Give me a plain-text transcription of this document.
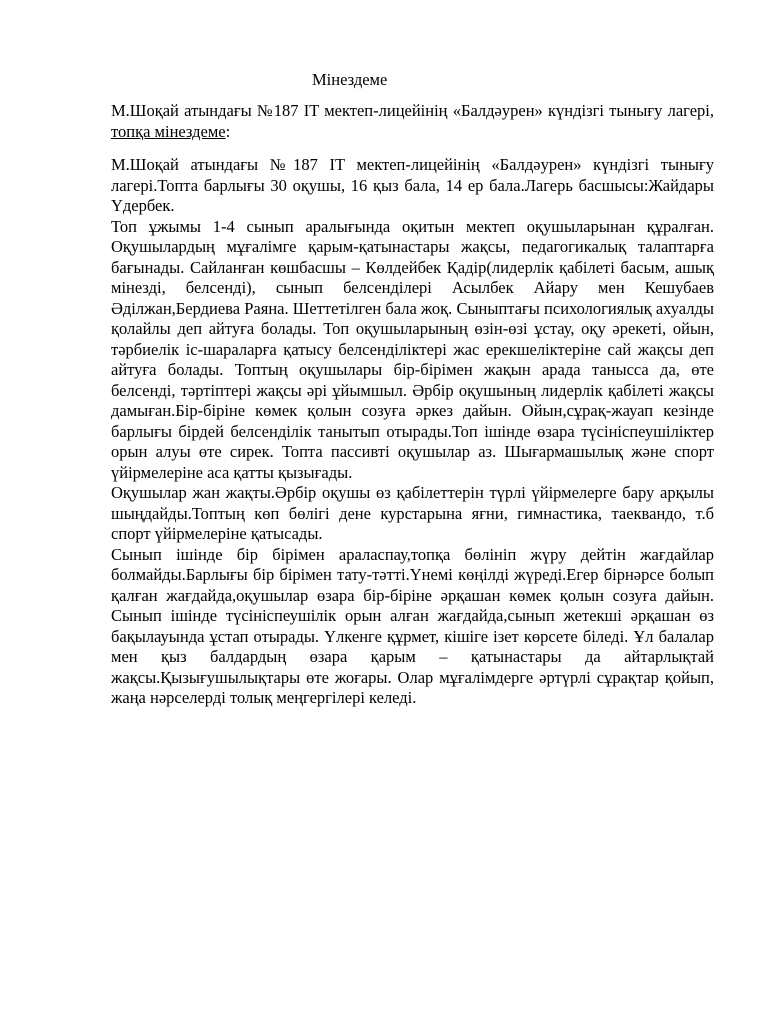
Мінездеме

М.Шоқай атындағы №187 IT мектеп-лицейінің «Балдәурен» күндізгі тынығу лагері, топқа мінездеме:

М.Шоқай атындағы №187 IT мектеп-лицейінің «Балдәурен» күндізгі тынығу лагері.Топта барлығы 30 оқушы, 16 қыз бала, 14 ер бала.Лагерь басшысы:Жайдары Үдербек.

Топ ұжымы 1-4 сынып аралығында оқитын мектеп оқушыларынан құралған. Оқушылардың мұғалімге қарым-қатынастары жақсы, педагогикалық талаптарға бағынады. Сайланған көшбасшы – Көлдейбек Қадір(лидерлік қабілеті басым, ашық мінезді, белсенді), сынып белсенділері Асылбек Айару мен Кешубаев Әділжан,Бердиева Раяна. Шеттетілген бала жоқ. Сыныптағы психологиялық ахуалды қолайлы деп айтуға болады. Топ оқушыларының өзін-өзі ұстау, оқу әрекеті, ойын, тәрбиелік іс-шараларға қатысу белсенділіктері жас ерекшеліктеріне сай жақсы деп айтуға болады. Топтың оқушылары бір-бірімен жақын арада танысса да, өте белсенді, тәртіптері жақсы әрі ұйымшыл. Әрбір оқушының лидерлік қабілеті жақсы дамыған.Бір-біріне көмек қолын созуға әркез дайын. Ойын,сұрақ-жауап кезінде барлығы бірдей белсенділік танытып отырады.Топ ішінде өзара түсініспеушіліктер орын алуы өте сирек. Топта пассивті оқушылар аз. Шығармашылық және спорт үйірмелеріне аса қатты қызығады.

Оқушылар жан жақты.Әрбір оқушы өз қабілеттерін түрлі үйірмелерге бару арқылы шыңдайды.Топтың көп бөлігі дене курстарына яғни, гимнастика, таеквандо, т.б спорт үйірмелеріне қатысады.

Сынып ішінде бір бірімен араласпау,топқа бөлініп жүру дейтін жағдайлар болмайды.Барлығы бір бірімен тату-тәтті.Үнемі көңілді жүреді.Егер бірнәрсе болып қалған жағдайда,оқушылар өзара бір-біріне әрқашан көмек қолын созуға дайын. Сынып ішінде түсініспеушілік орын алған жағдайда,сынып жетекші әрқашан өз бақылауында ұстап отырады. Үлкенге құрмет, кішіге ізет көрсете біледі. Ұл балалар мен қыз балдардың өзара қарым – қатынастары да айтарлықтай жақсы.Қызығушылықтары өте жоғары. Олар мұғалімдерге әртүрлі сұрақтар қойып, жаңа нәрселерді толық меңгергілері келеді.
